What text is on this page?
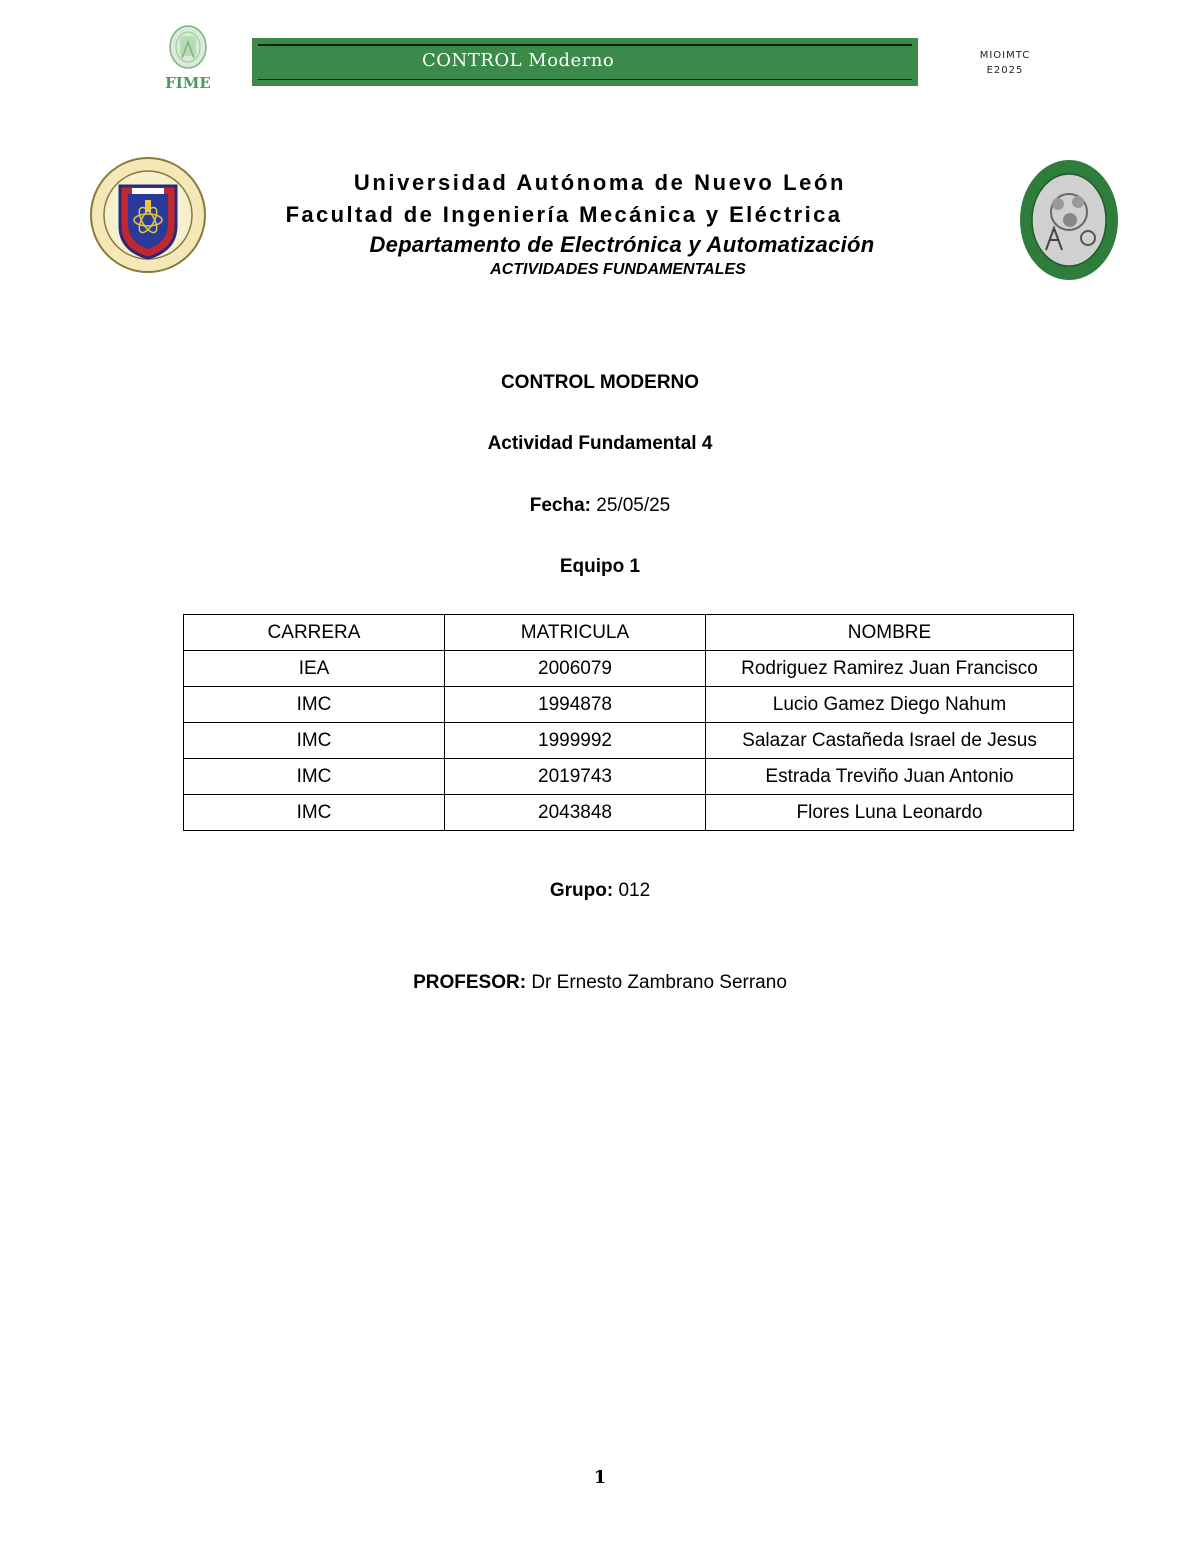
FIME
CONTROL Moderno	MIOIMTC
E2025
Universidad Autónoma de Nuevo León
Facultad de Ingeniería Mecánica y Eléctrica
Departamento de Electrónica y Automatización
ACTIVIDADES FUNDAMENTALES
CONTROL MODERNO
Actividad Fundamental 4
Fecha: 25/05/25
Equipo 1
CARRERA	MATRICULA	NOMBRE
IEA	2006079	Rodriguez Ramirez Juan Francisco
IMC	1994878	Lucio Gamez Diego Nahum
IMC	1999992	Salazar Castañeda Israel de Jesus
IMC	2019743	Estrada Treviño Juan Antonio
IMC	2043848	Flores Luna Leonardo
Grupo: 012
PROFESOR: Dr Ernesto Zambrano Serrano
1
